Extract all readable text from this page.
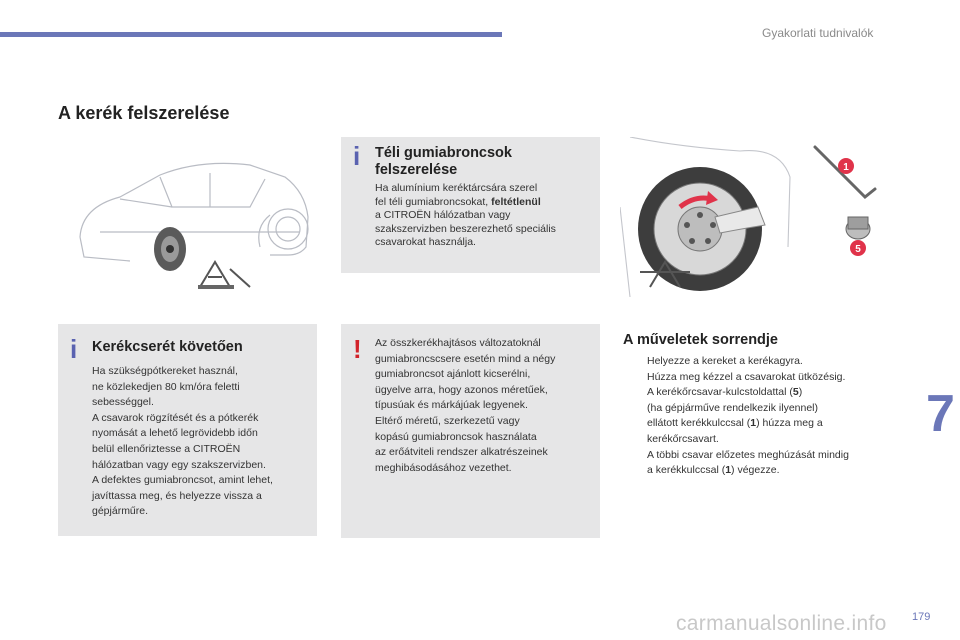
Gyakorlati tudnivalók
A kerék felszerelése
i Téli gumiabroncsok
felszerelése
Ha alumínium keréktárcsára szerel
fel téli gumiabroncsokat, feltétlenül
a CITROËN hálózatban vagy
szakszervizben beszerezhető speciális
csavarokat használja.
1
5
i Kerékcserét követően
Ha szükségpótkereket használ,
ne közlekedjen 80 km/óra feletti
sebességgel.
A csavarok rögzítését és a pótkerék
nyomását a lehető legrövidebb időn
belül ellenőriztesse a CITROËN
hálózatban vagy egy szakszervizben.
A defektes gumiabroncsot, amint lehet,
javíttassa meg, és helyezze vissza a
gépjárműre.
! Az összkerékhajtásos változatoknál
gumiabroncscsere esetén mind a négy
gumiabroncsot ajánlott kicserélni,
ügyelve arra, hogy azonos méretűek,
típusúak és márkájúak legyenek.
Eltérő méretű, szerkezetű vagy
kopású gumiabroncsok használata
az erőátviteli rendszer alkatrészeinek
meghibásodásához vezethet.
A műveletek sorrendje
Helyezze a kereket a kerékagyra.
Húzza meg kézzel a csavarokat ütközésig.
A kerékőrcsavar-kulcstoldattal (5)
(ha gépjárműve rendelkezik ilyennel)
ellátott kerékkulccsal (1) húzza meg a
kerékőrcsavart.
A többi csavar előzetes meghúzását mindig
a kerékkulccsal (1) végezze.
7
carmanualsonline.info 179
